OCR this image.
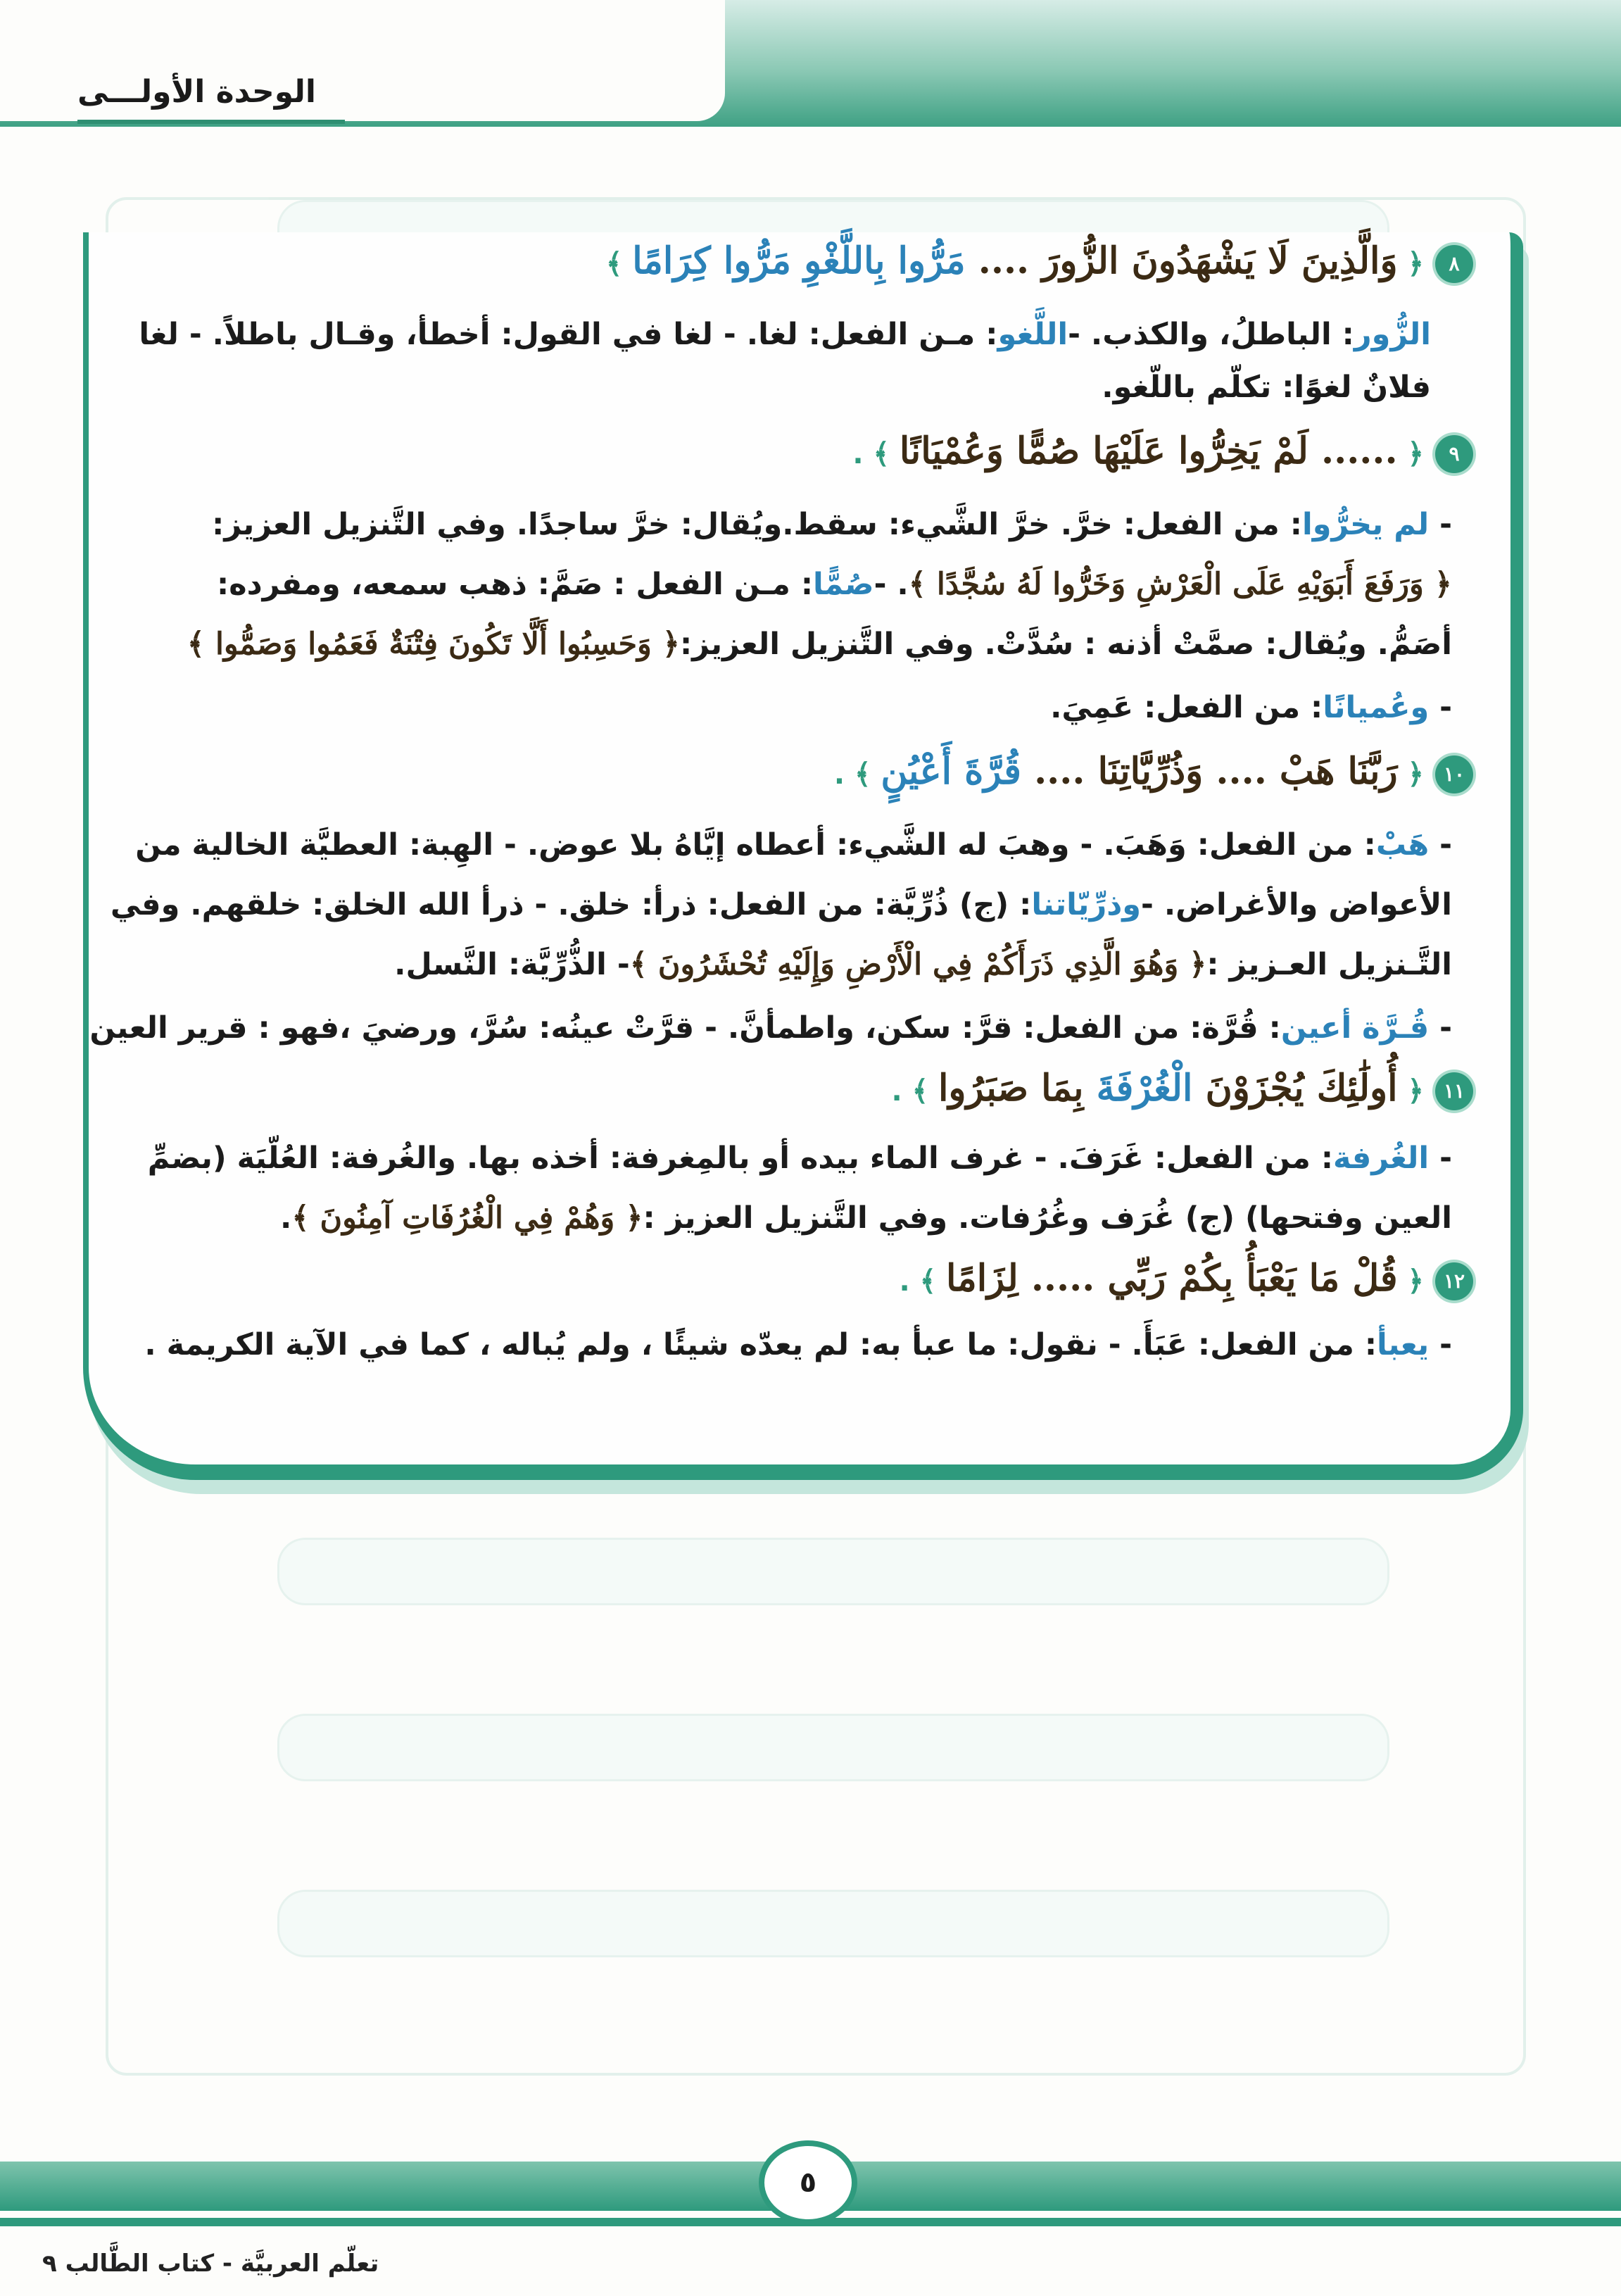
الوحدة الأولـــى
٨﴿ وَالَّذِينَ لَا يَشْهَدُونَ الزُّورَ .... مَرُّوا بِاللَّغْوِ مَرُّوا كِرَامًا ﴾
الزُّور: الباطلُ، والكذب. -اللَّغو: مـن الفعل: لغا. - لغا في القول: أخطأ، وقـال باطلاً. - لغا
فلانٌ لغوًا: تكلّم باللّغو.
٩﴿ ...... لَمْ يَخِرُّوا عَلَيْهَا صُمًّا وَعُمْيَانًا ﴾ .
- لم يخرُّوا: من الفعل: خرَّ. خرَّ الشَّيء: سقط.ويُقال: خرَّ ساجدًا. وفي التَّنزيل العزيز:
﴿ وَرَفَعَ أَبَوَيْهِ عَلَى الْعَرْشِ وَخَرُّوا لَهُ سُجَّدًا ﴾. -صُمًّا: مـن الفعل : صَمَّ: ذهب سمعه، ومفرده:
أصَمُّ. ويُقال: صمَّتْ أذنه : سُدَّتْ. وفي التَّنزيل العزيز:﴿ وَحَسِبُوا أَلَّا تَكُونَ فِتْنَةٌ فَعَمُوا وَصَمُّوا ﴾
- وعُميانًا: من الفعل: عَمِيَ.
١٠﴿ رَبَّنَا هَبْ .... وَذُرِّيَّاتِنَا .... قُرَّةَ أَعْيُنٍ ﴾ .
- هَبْ: من الفعل: وَهَبَ. - وهبَ له الشَّيء: أعطاه إيَّاهُ بلا عوض. - الهِبة: العطيَّة الخالية من
الأعواض والأغراض. -وذرِّيّاتنا: (ج) ذُرِّيَّة: من الفعل: ذرأ: خلق. - ذرأ الله الخلق: خلقهم. وفي
التَّـنزيل العـزيز :﴿ وَهُوَ الَّذِي ذَرَأَكُمْ فِي الْأَرْضِ وَإِلَيْهِ تُحْشَرُونَ ﴾- الذُّرِّيَّة: النَّسل.
- قُـرَّة أعين: قُرَّة: من الفعل: قرَّ: سكن، واطمأنَّ. - قرَّتْ عينُه: سُرَّ، ورضيَ ،فهو : قرير العين
١١﴿ أُولَٰئِكَ يُجْزَوْنَ الْغُرْفَةَ بِمَا صَبَرُوا ﴾ .
- الغُرفة: من الفعل: غَرَفَ. - غرف الماء بيده أو بالمِغرفة: أخذه بها. والغُرفة: العُلّيَة (بضمِّ
العين وفتحها) (ج) غُرَف وغُرُفات. وفي التَّنزيل العزيز :﴿ وَهُمْ فِي الْغُرُفَاتِ آمِنُونَ ﴾.
١٢﴿ قُلْ مَا يَعْبَأُ بِكُمْ رَبِّي ..... لِزَامًا ﴾ .
- يعبأ: من الفعل: عَبَأَ. - نقول: ما عبأ به: لم يعدّه شيئًا ، ولم يُباله ، كما في الآية الكريمة .
٥
تعلّم العربيَّة - كتاب الطَّالب ٩
